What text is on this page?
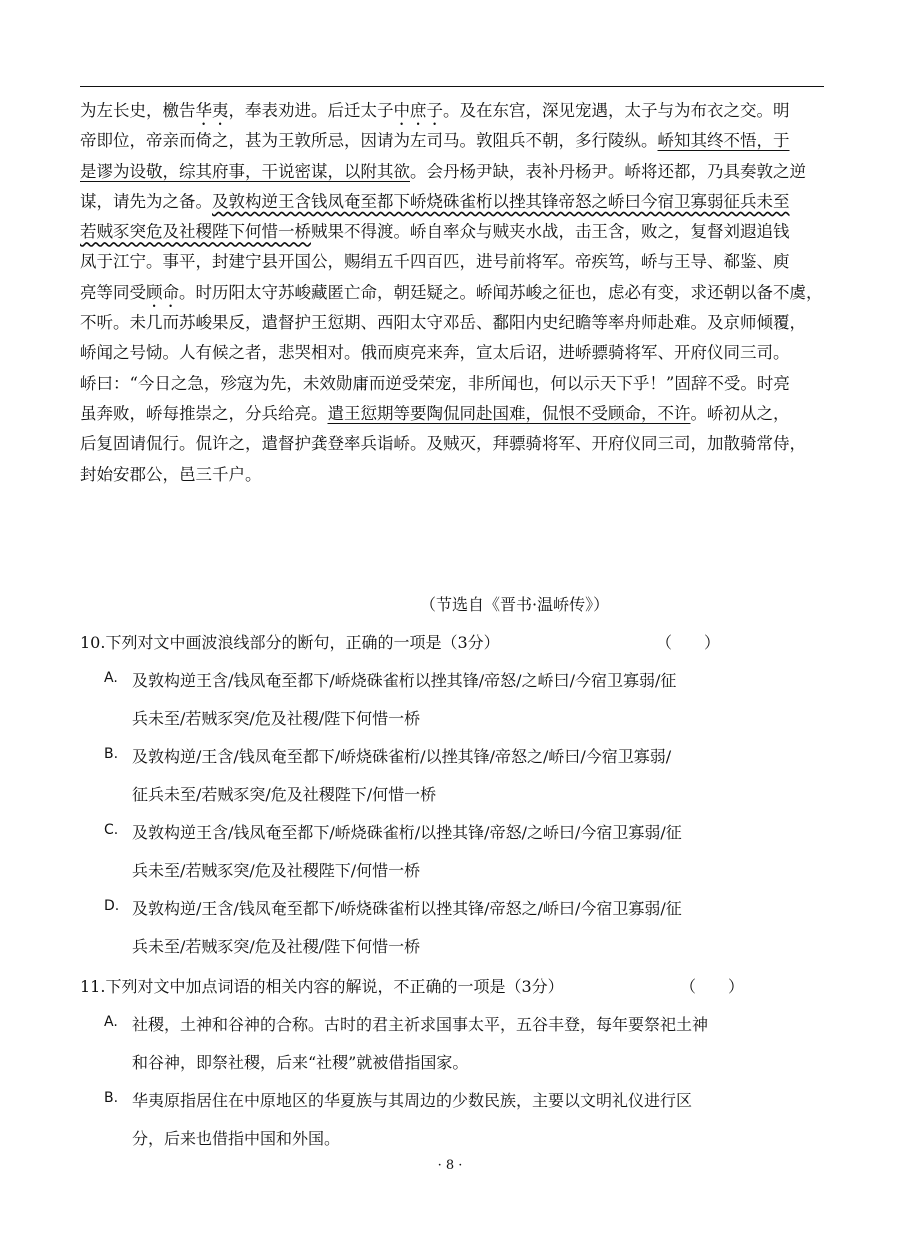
为左长史，檄告华夷，奉表劝进。后迁太子中庶子。及在东宫，深见宠遇，太子与为布衣之交。明
帝即位，帝亲而倚之，甚为王敦所忌，因请为左司马。敦阻兵不朝，多行陵纵。峤知其终不悟，于
是谬为设敬，综其府事，干说密谋，以附其欲。会丹杨尹缺，表补丹杨尹。峤将还都，乃具奏敦之逆
谋，请先为之备。及敦构逆王含钱凤奄至都下峤烧硃雀桁以挫其锋帝怒之峤曰今宿卫寡弱征兵未至
若贼豕突危及社稷陛下何惜一桥贼果不得渡。峤自率众与贼夹水战，击王含，败之，复督刘遐追钱
凤于江宁。事平，封建宁县开国公，赐绢五千四百匹，进号前将军。帝疾笃，峤与王导、郗鉴、庾
亮等同受顾命。时历阳太守苏峻藏匿亡命，朝廷疑之。峤闻苏峻之征也，虑必有变，求还朝以备不虞，
不听。未几而苏峻果反，遣督护王愆期、西阳太守邓岳、鄱阳内史纪瞻等率舟师赴难。及京师倾覆，
峤闻之号恸。人有候之者，悲哭相对。俄而庾亮来奔，宣太后诏，进峤骠骑将军、开府仪同三司。
峤曰：“今日之急，殄寇为先，未效勋庸而逆受荣宠，非所闻也，何以示天下乎！”固辞不受。时亮
虽奔败，峤每推崇之，分兵给亮。遣王愆期等要陶侃同赴国难，侃恨不受顾命，不许。峤初从之，
后复固请侃行。侃许之，遣督护龚登率兵诣峤。及贼灭，拜骠骑将军、开府仪同三司，加散骑常侍，
封始安郡公，邑三千户。
（节选自《晋书·温峤传》）
10.下列对文中画波浪线部分的断句，正确的一项是（3分）	（　　）
A. 及敦构逆王含/钱凤奄至都下/峤烧硃雀桁以挫其锋/帝怒/之峤曰/今宿卫寡弱/征
兵未至/若贼豕突/危及社稷/陛下何惜一桥
B. 及敦构逆/王含/钱凤奄至都下/峤烧硃雀桁/以挫其锋/帝怒之/峤曰/今宿卫寡弱/
征兵未至/若贼豕突/危及社稷陛下/何惜一桥
C. 及敦构逆王含/钱凤奄至都下/峤烧硃雀桁/以挫其锋/帝怒/之峤曰/今宿卫寡弱/征
兵未至/若贼豕突/危及社稷陛下/何惜一桥
D. 及敦构逆/王含/钱凤奄至都下/峤烧硃雀桁以挫其锋/帝怒之/峤曰/今宿卫寡弱/征
兵未至/若贼豕突/危及社稷/陛下何惜一桥
11.下列对文中加点词语的相关内容的解说，不正确的一项是（3分）	（　　）
A. 社稷，土神和谷神的合称。古时的君主祈求国事太平，五谷丰登，每年要祭祀土神
和谷神，即祭社稷，后来“社稷”就被借指国家。
B. 华夷原指居住在中原地区的华夏族与其周边的少数民族，主要以文明礼仪进行区
分，后来也借指中国和外国。
· 8 ·
